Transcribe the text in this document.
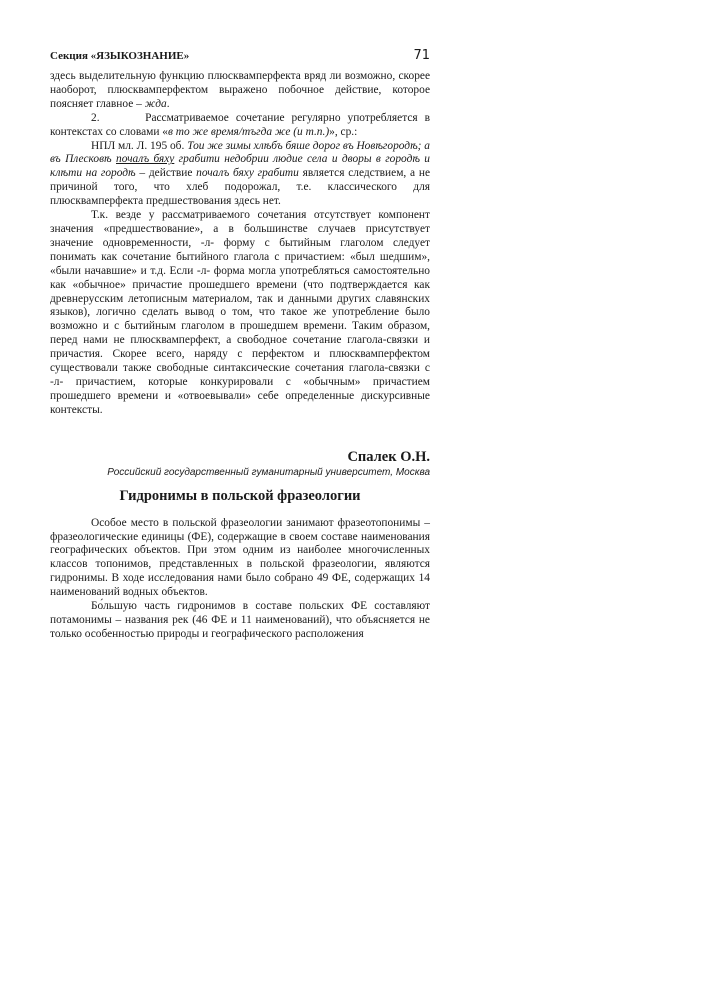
Секция «ЯЗЫКОЗНАНИЕ»	71

здесь выделительную функцию плюсквамперфекта вряд ли возможно, скорее наоборот, плюсквамперфектом выражено побочное действие, которое поясняет главное – жда.

2.    	Рассматриваемое сочетание регулярно употребляется в контекстах со словами «в то же время/тъгда же (и т.п.)», ср.:

НПЛ мл. Л. 195 об. Тои же зимы хлѣбъ бяше дорог въ Новѣгородѣ; а въ Плесковѣ почалъ бяху грабити недобрии людие села и дворы в городѣ и клѣти на городѣ – действие почалъ бяху грабити является следствием, а не причиной того, что хлеб подорожал, т.е. классического для плюсквамперфекта предшествования здесь нет.

Т.к. везде у рассматриваемого сочетания отсутствует компонент значения «предшествование», а в большинстве случаев присутствует значение одновременности, -л- форму с бытийным глаголом следует понимать как сочетание бытийного глагола с причастием: «был шедшим», «были начавшие» и т.д. Если -л- форма могла употребляться самостоятельно как «обычное» причастие прошедшего времени (что подтверждается как древнерусским летописным материалом, так и данными других славянских языков), логично сделать вывод о том, что такое же употребление было возможно и с бытийным глаголом в прошедшем времени. Таким образом, перед нами не плюсквамперфект, а свободное сочетание глагола-связки и причастия. Скорее всего, наряду с перфектом и плюсквамперфектом существовали также свободные синтаксические сочетания глагола-связки с -л- причастием, которые конкурировали с «обычным» причастием прошедшего времени и «отвоевывали» себе определенные дискурсивные контексты.

Спалек О.Н.

Российский государственный гуманитарный университет, Москва

Гидронимы в польской фразеологии

Особое место в польской фразеологии занимают фразеотопонимы – фразеологические единицы (ФЕ), содержащие в своем составе наименования географических объектов. При этом одним из наиболее многочисленных классов топонимов, представленных в польской фразеологии, являются гидронимы. В ходе исследования нами было собрано 49 ФЕ, содержащих 14 наименований водных объектов.

Бо́льшую часть гидронимов в составе польских ФЕ составляют потамонимы – названия рек (46 ФЕ и 11 наименований), что объясняется не только особенностью природы и географического расположения
